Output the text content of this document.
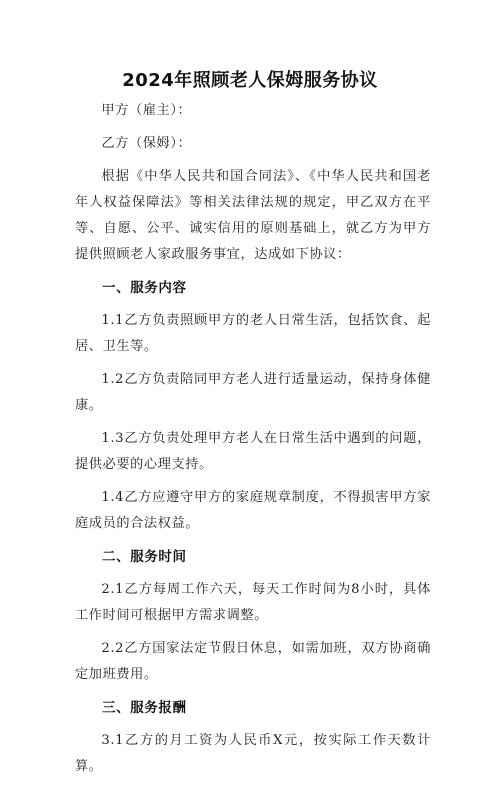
2024年照顾老人保姆服务协议

甲方（雇主）：

乙方（保姆）：

根据《中华人民共和国合同法》、《中华人民共和国老年人权益保障法》等相关法律法规的规定，甲乙双方在平等、自愿、公平、诚实信用的原则基础上，就乙方为甲方提供照顾老人家政服务事宜，达成如下协议：

一、服务内容

1.1乙方负责照顾甲方的老人日常生活，包括饮食、起居、卫生等。

1.2乙方负责陪同甲方老人进行适量运动，保持身体健康。

1.3乙方负责处理甲方老人在日常生活中遇到的问题，提供必要的心理支持。

1.4乙方应遵守甲方的家庭规章制度，不得损害甲方家庭成员的合法权益。

二、服务时间

2.1乙方每周工作六天，每天工作时间为8小时，具体工作时间可根据甲方需求调整。

2.2乙方国家法定节假日休息，如需加班，双方协商确定加班费用。

三、服务报酬

3.1乙方的月工资为人民币X元，按实际工作天数计算。
